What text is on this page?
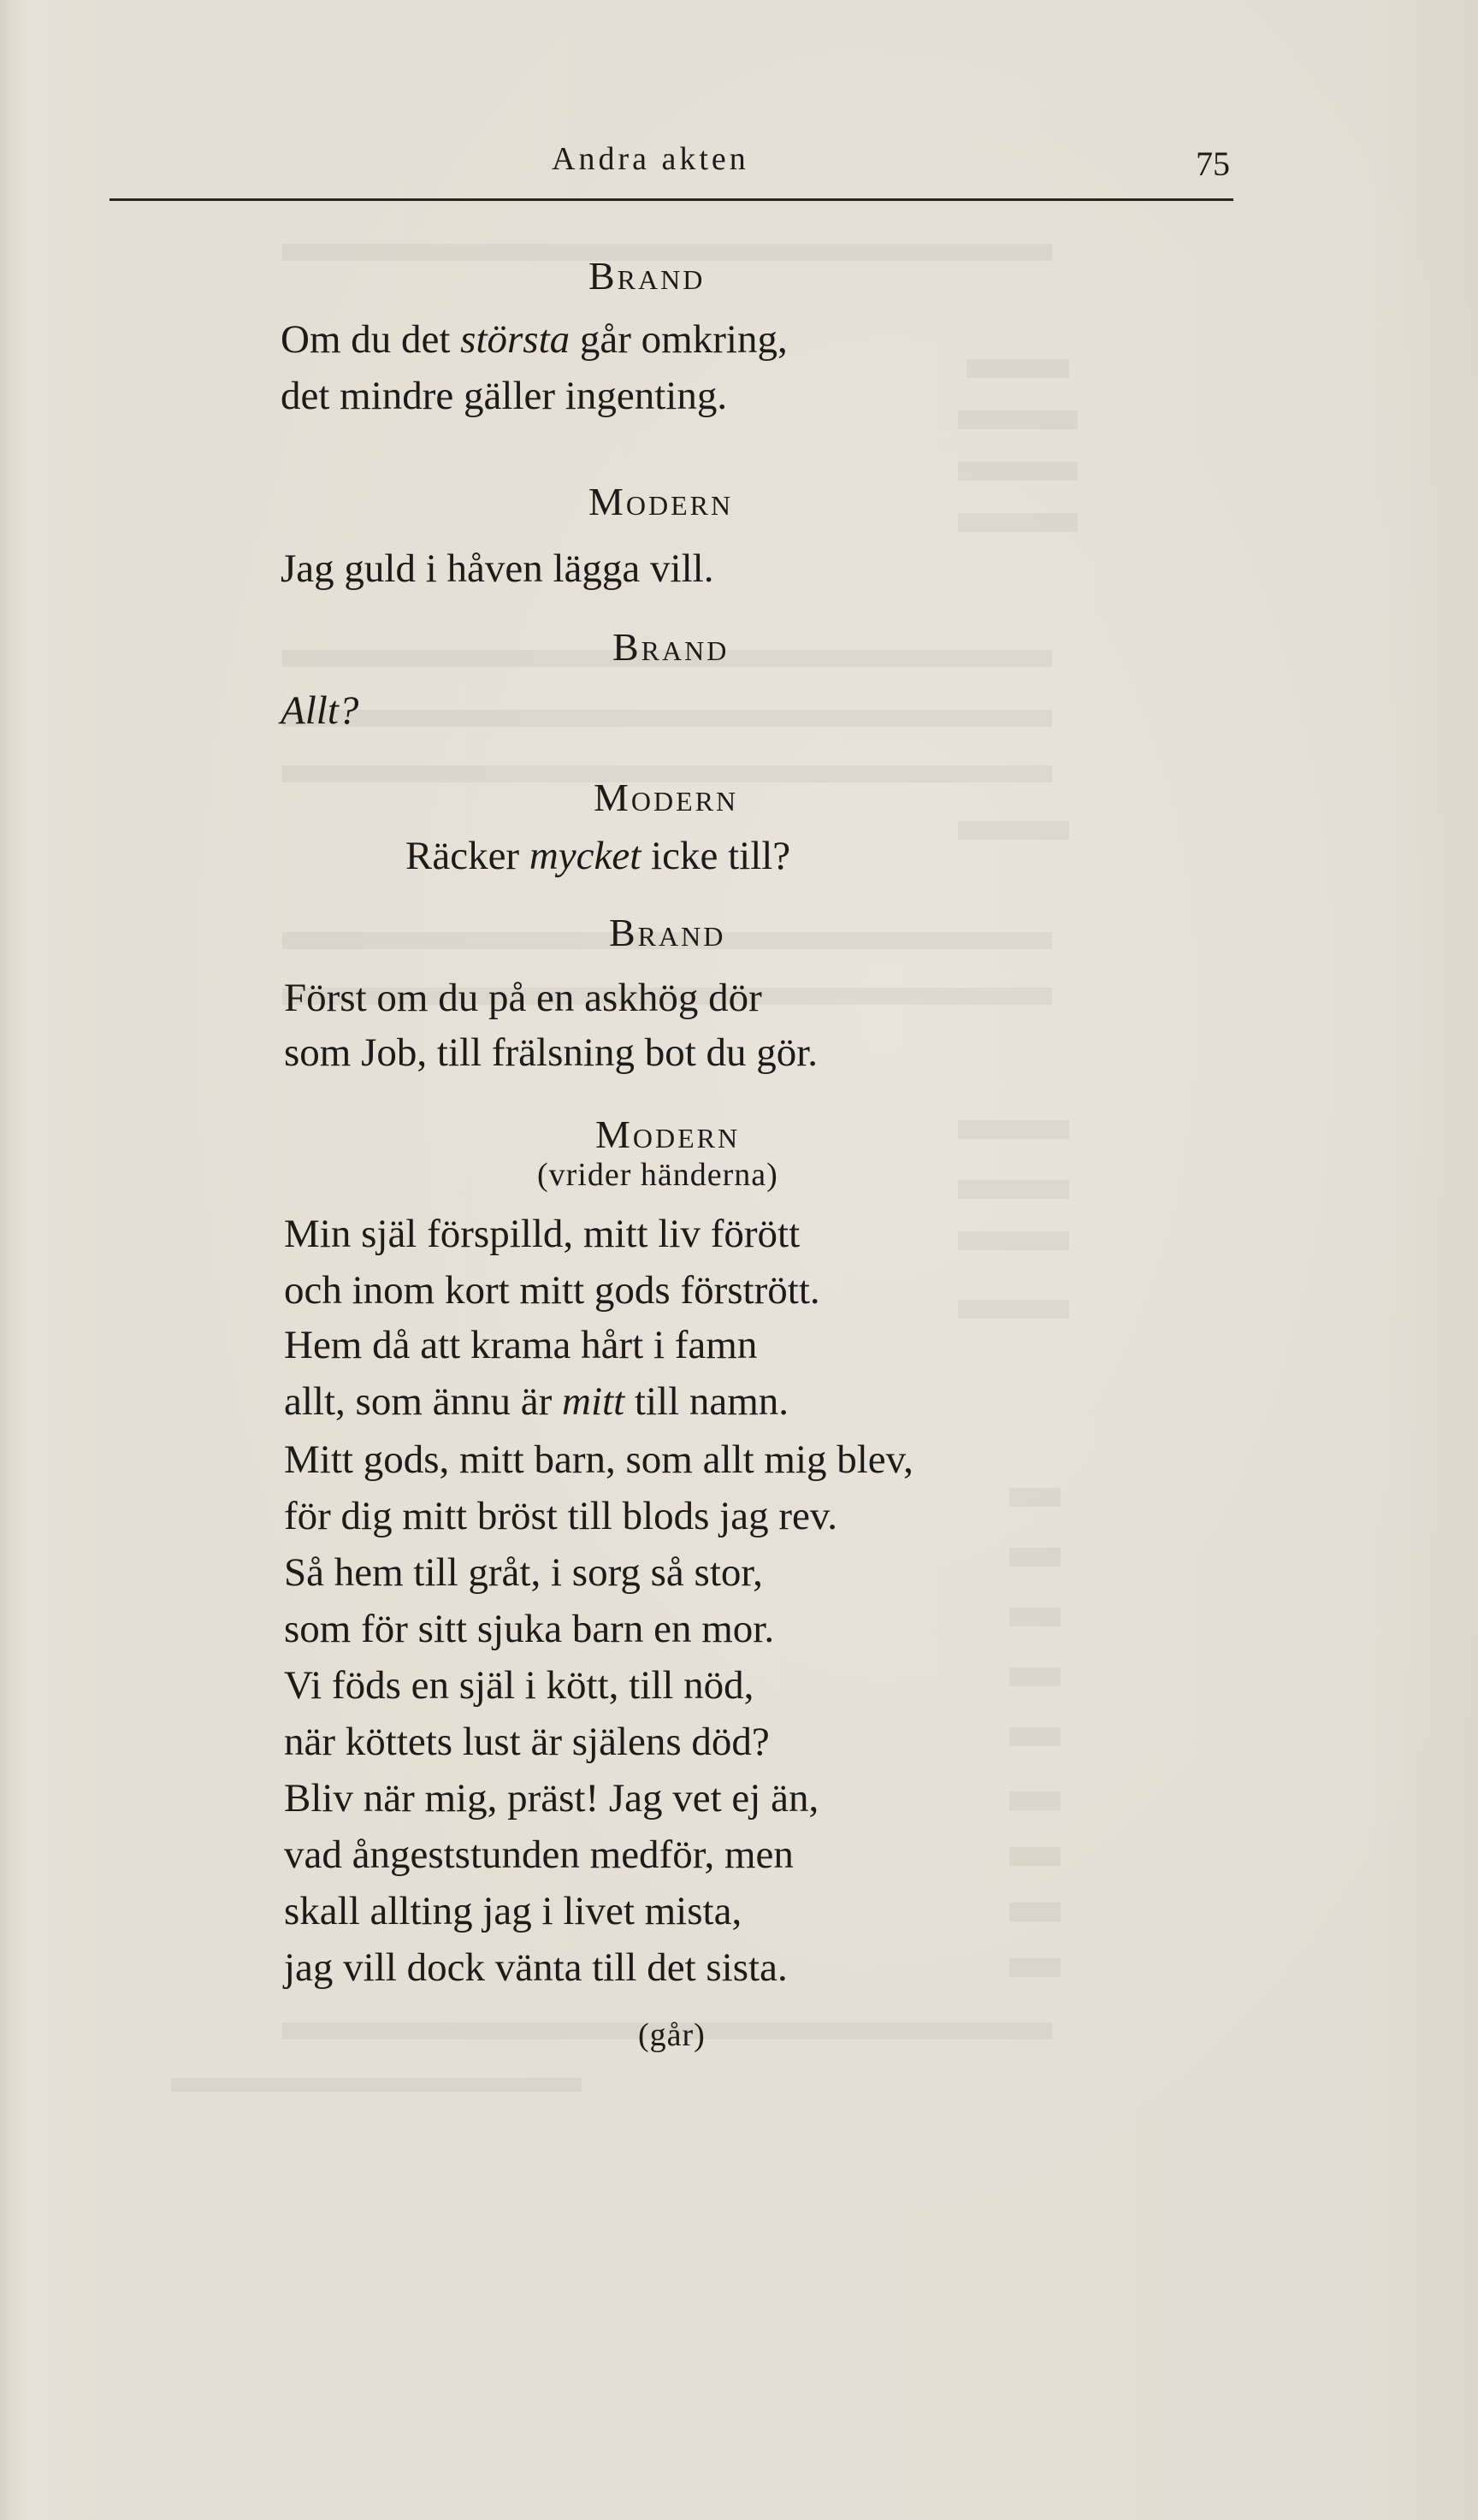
Andra akten	75
Brand
Om du det största går omkring,
det mindre gäller ingenting.
Modern
Jag guld i håven lägga vill.
Brand
Allt?
Modern
Räcker mycket icke till?
Brand
Först om du på en askhög dör
som Job, till frälsning bot du gör.
Modern
(vrider händerna)
Min själ förspilld, mitt liv förött
och inom kort mitt gods förstrött.
Hem då att krama hårt i famn
allt, som ännu är mitt till namn.
Mitt gods, mitt barn, som allt mig blev,
för dig mitt bröst till blods jag rev.
Så hem till gråt, i sorg så stor,
som för sitt sjuka barn en mor.
Vi föds en själ i kött, till nöd,
när köttets lust är själens död?
Bliv när mig, präst! Jag vet ej än,
vad ångeststunden medför, men
skall allting jag i livet mista,
jag vill dock vänta till det sista.
(går)
